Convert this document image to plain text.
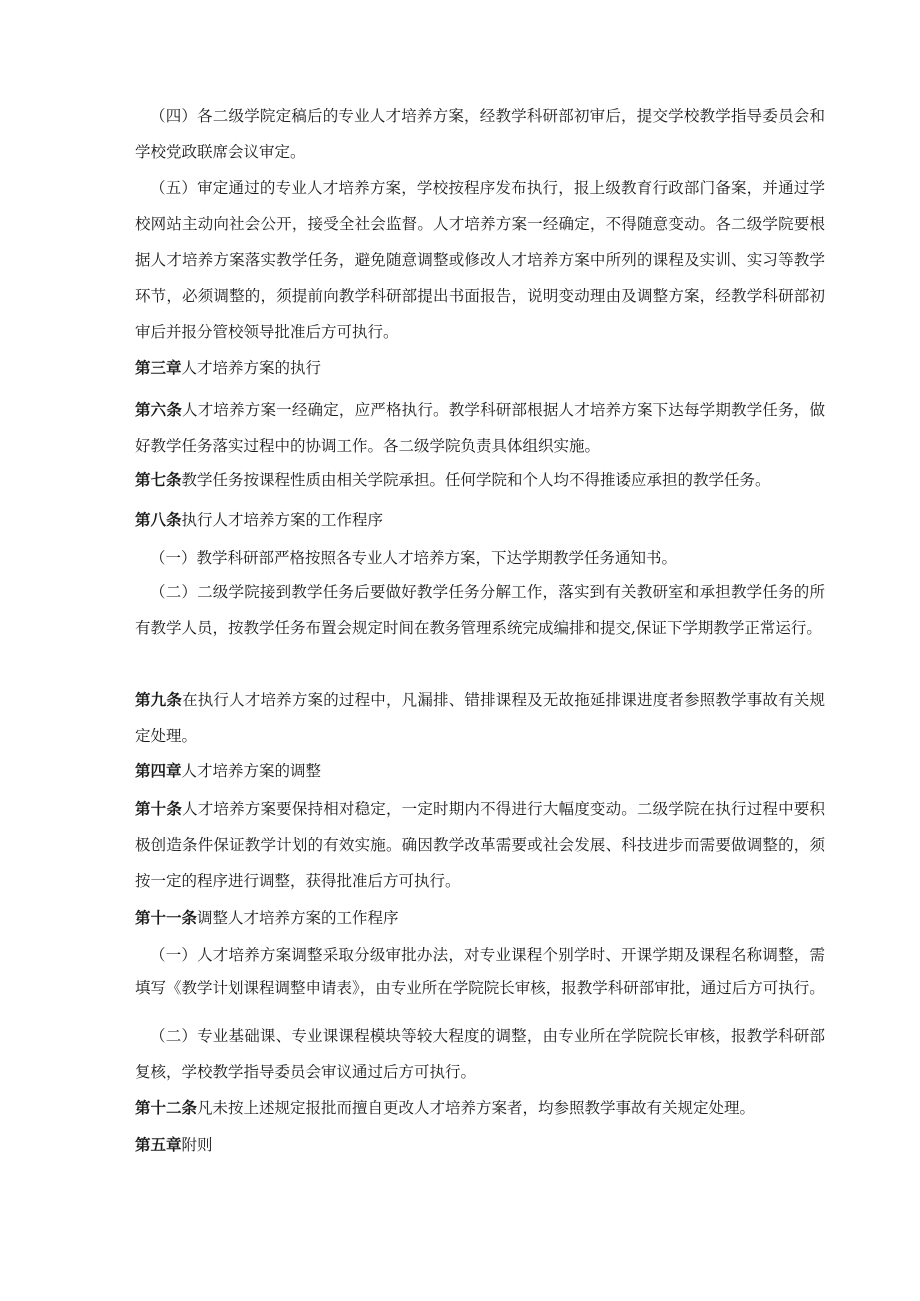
（四）各二级学院定稿后的专业人才培养方案，经教学科研部初审后，提交学校教学指导委员会和学校党政联席会议审定。

（五）审定通过的专业人才培养方案，学校按程序发布执行，报上级教育行政部门备案，并通过学校网站主动向社会公开，接受全社会监督。人才培养方案一经确定，不得随意变动。各二级学院要根据人才培养方案落实教学任务，避免随意调整或修改人才培养方案中所列的课程及实训、实习等教学环节，必须调整的，须提前向教学科研部提出书面报告，说明变动理由及调整方案，经教学科研部初审后并报分管校领导批准后方可执行。

第三章人才培养方案的执行

第六条人才培养方案一经确定，应严格执行。教学科研部根据人才培养方案下达每学期教学任务，做好教学任务落实过程中的协调工作。各二级学院负责具体组织实施。

第七条教学任务按课程性质由相关学院承担。任何学院和个人均不得推诿应承担的教学任务。

第八条执行人才培养方案的工作程序

（一）教学科研部严格按照各专业人才培养方案，下达学期教学任务通知书。

（二）二级学院接到教学任务后要做好教学任务分解工作，落实到有关教研室和承担教学任务的所有教学人员，按教学任务布置会规定时间在教务管理系统完成编排和提交,保证下学期教学正常运行。

第九条在执行人才培养方案的过程中，凡漏排、错排课程及无故拖延排课进度者参照教学事故有关规定处理。

第四章人才培养方案的调整

第十条人才培养方案要保持相对稳定，一定时期内不得进行大幅度变动。二级学院在执行过程中要积极创造条件保证教学计划的有效实施。确因教学改革需要或社会发展、科技进步而需要做调整的，须按一定的程序进行调整，获得批准后方可执行。

第十一条调整人才培养方案的工作程序

（一）人才培养方案调整采取分级审批办法，对专业课程个别学时、开课学期及课程名称调整，需填写《教学计划课程调整申请表》，由专业所在学院院长审核，报教学科研部审批，通过后方可执行。

（二）专业基础课、专业课课程模块等较大程度的调整，由专业所在学院院长审核，报教学科研部复核，学校教学指导委员会审议通过后方可执行。

第十二条凡未按上述规定报批而擅自更改人才培养方案者，均参照教学事故有关规定处理。

第五章附则
